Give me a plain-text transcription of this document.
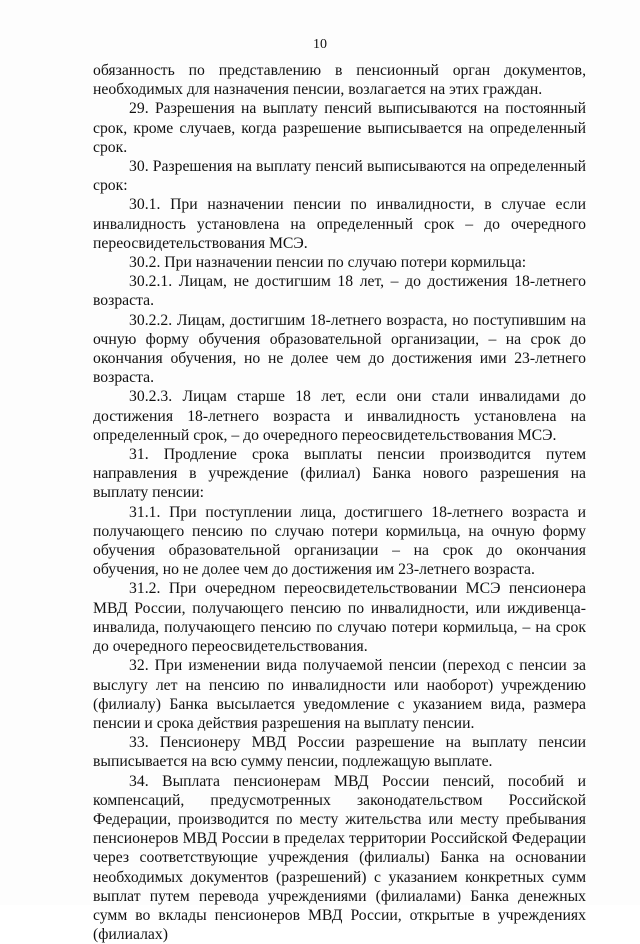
10

обязанность по представлению в пенсионный орган документов, необходимых для назначения пенсии, возлагается на этих граждан.

29. Разрешения на выплату пенсий выписываются на постоянный срок, кроме случаев, когда разрешение выписывается на определенный срок.

30. Разрешения на выплату пенсий выписываются на определенный срок:

30.1. При назначении пенсии по инвалидности, в случае если инвалидность установлена на определенный срок – до очередного переосвидетельствования МСЭ.

30.2. При назначении пенсии по случаю потери кормильца:

30.2.1. Лицам, не достигшим 18 лет, – до достижения 18-летнего возраста.

30.2.2. Лицам, достигшим 18-летнего возраста, но поступившим на очную форму обучения образовательной организации, – на срок до окончания обучения, но не долее чем до достижения ими 23-летнего возраста.

30.2.3. Лицам старше 18 лет, если они стали инвалидами до достижения 18-летнего возраста и инвалидность установлена на определенный срок, – до очередного переосвидетельствования МСЭ.

31. Продление срока выплаты пенсии производится путем направления в учреждение (филиал) Банка нового разрешения на выплату пенсии:

31.1. При поступлении лица, достигшего 18-летнего возраста и получающего пенсию по случаю потери кормильца, на очную форму обучения образовательной организации – на срок до окончания обучения, но не долее чем до достижения им 23-летнего возраста.

31.2. При очередном переосвидетельствовании МСЭ пенсионера МВД России, получающего пенсию по инвалидности, или иждивенца-инвалида, получающего пенсию по случаю потери кормильца, – на срок до очередного переосвидетельствования.

32. При изменении вида получаемой пенсии (переход с пенсии за выслугу лет на пенсию по инвалидности или наоборот) учреждению (филиалу) Банка высылается уведомление с указанием вида, размера пенсии и срока действия разрешения на выплату пенсии.

33. Пенсионеру МВД России разрешение на выплату пенсии выписывается на всю сумму пенсии, подлежащую выплате.

34. Выплата пенсионерам МВД России пенсий, пособий и компенсаций, предусмотренных законодательством Российской Федерации, производится по месту жительства или месту пребывания пенсионеров МВД России в пределах территории Российской Федерации через соответствующие учреждения (филиалы) Банка на основании необходимых документов (разрешений) с указанием конкретных сумм выплат путем перевода учреждениями (филиалами) Банка денежных сумм во вклады пенсионеров МВД России, открытые в учреждениях (филиалах)
